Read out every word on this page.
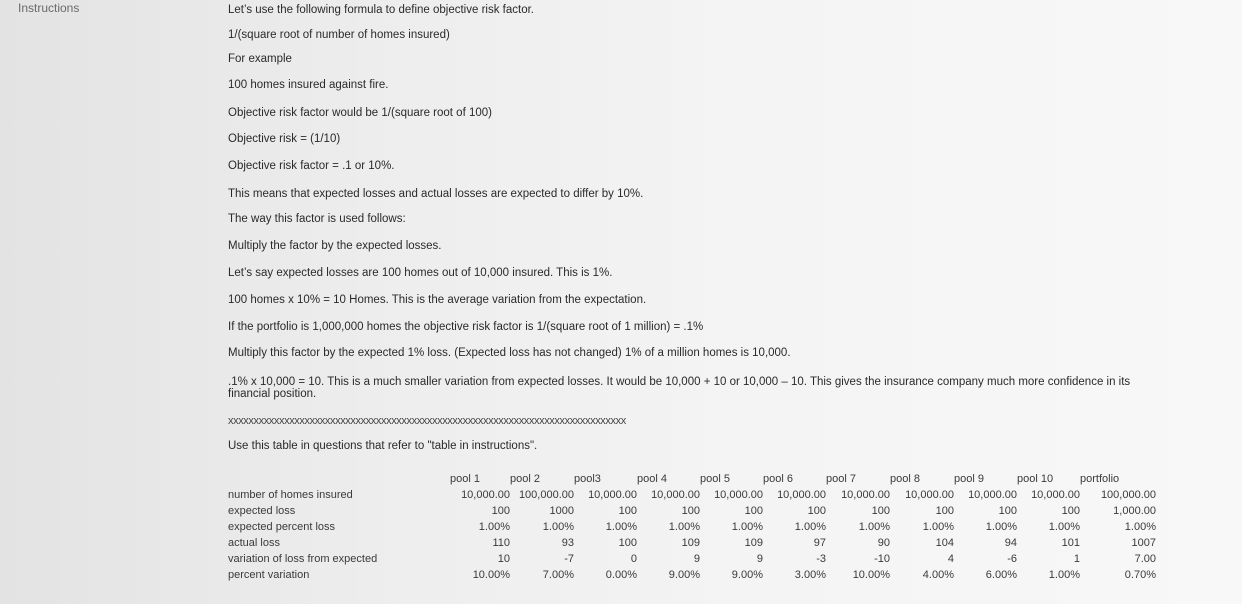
Instructions	Let’s use the following formula to define objective risk factor.
1/(square root of number of homes insured)
For example
100 homes insured against fire.
Objective risk factor would be 1/(square root of 100)
Objective risk = (1/10)
Objective risk factor = .1 or 10%.
This means that expected losses and actual losses are expected to differ by 10%.
The way this factor is used follows:
Multiply the factor by the expected losses.
Let’s say expected losses are 100 homes out of 10,000 insured. This is 1%.
100 homes x 10% = 10 Homes. This is the average variation from the expectation.
If the portfolio is 1,000,000 homes the objective risk factor is 1/(square root of 1 million) = .1%
Multiply this factor by the expected 1% loss. (Expected loss has not changed) 1% of a million homes is 10,000.
.1% x 10,000 = 10. This is a much smaller variation from expected losses. It would be 10,000 + 10 or 10,000 – 10. This gives the insurance company much more confidence in its financial position.
xxxxxxxxxxxxxxxxxxxxxxxxxxxxxxxxxxxxxxxxxxxxxxxxxxxxxxxxxxxxxxxxxxxxxxxxxxxxxx
Use this table in questions that refer to "table in instructions".
	pool 1	pool 2	pool3	pool 4	pool 5	pool 6	pool 7	pool 8	pool 9	pool 10	portfolio
number of homes insured	10,000.00	100,000.00	10,000.00	10,000.00	10,000.00	10,000.00	10,000.00	10,000.00	10,000.00	10,000.00	100,000.00
expected loss	100	1000	100	100	100	100	100	100	100	100	1,000.00
expected percent loss	1.00%	1.00%	1.00%	1.00%	1.00%	1.00%	1.00%	1.00%	1.00%	1.00%	1.00%
actual loss	110	93	100	109	109	97	90	104	94	101	1007
variation of loss from expected	10	-7	0	9	9	-3	-10	4	-6	1	7.00
percent variation	10.00%	7.00%	0.00%	9.00%	9.00%	3.00%	10.00%	4.00%	6.00%	1.00%	0.70%
